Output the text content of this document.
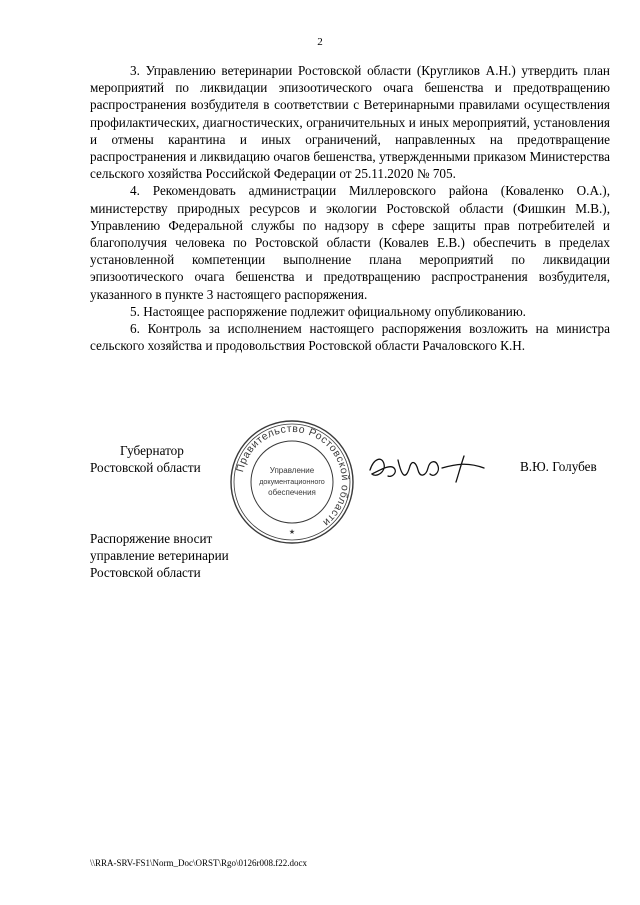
2

3. Управлению ветеринарии Ростовской области (Кругликов А.Н.) утвердить план мероприятий по ликвидации эпизоотического очага бешенства и предотвращению распространения возбудителя в соответствии с Ветеринарными правилами осуществления профилактических, диагностических, ограничительных и иных мероприятий, установления и отмены карантина и иных ограничений, направленных на предотвращение распространения и ликвидацию очагов бешенства, утвержденными приказом Министерства сельского хозяйства Российской Федерации от 25.11.2020 № 705.

4. Рекомендовать администрации Миллеровского района (Коваленко О.А.), министерству природных ресурсов и экологии Ростовской области (Фишкин М.В.), Управлению Федеральной службы по надзору в сфере защиты прав потребителей и благополучия человека по Ростовской области (Ковалев Е.В.) обеспечить в пределах установленной компетенции выполнение плана мероприятий по ликвидации эпизоотического очага бешенства и предотвращению распространения возбудителя, указанного в пункте 3 настоящего распоряжения.

5. Настоящее распоряжение подлежит официальному опубликованию.

6. Контроль за исполнением настоящего распоряжения возложить на министра сельского хозяйства и продовольствия Ростовской области Рачаловского К.Н.

Губернатор
Ростовской области	Правительство Ростовской области
Управление
документационного
обеспечения
★
В.Ю. Голубев
Распоряжение вносит
управление ветеринарии
Ростовской области
\\RRA-SRV-FS1\Norm_Doc\ORST\Rgo\0126r008.f22.docx
